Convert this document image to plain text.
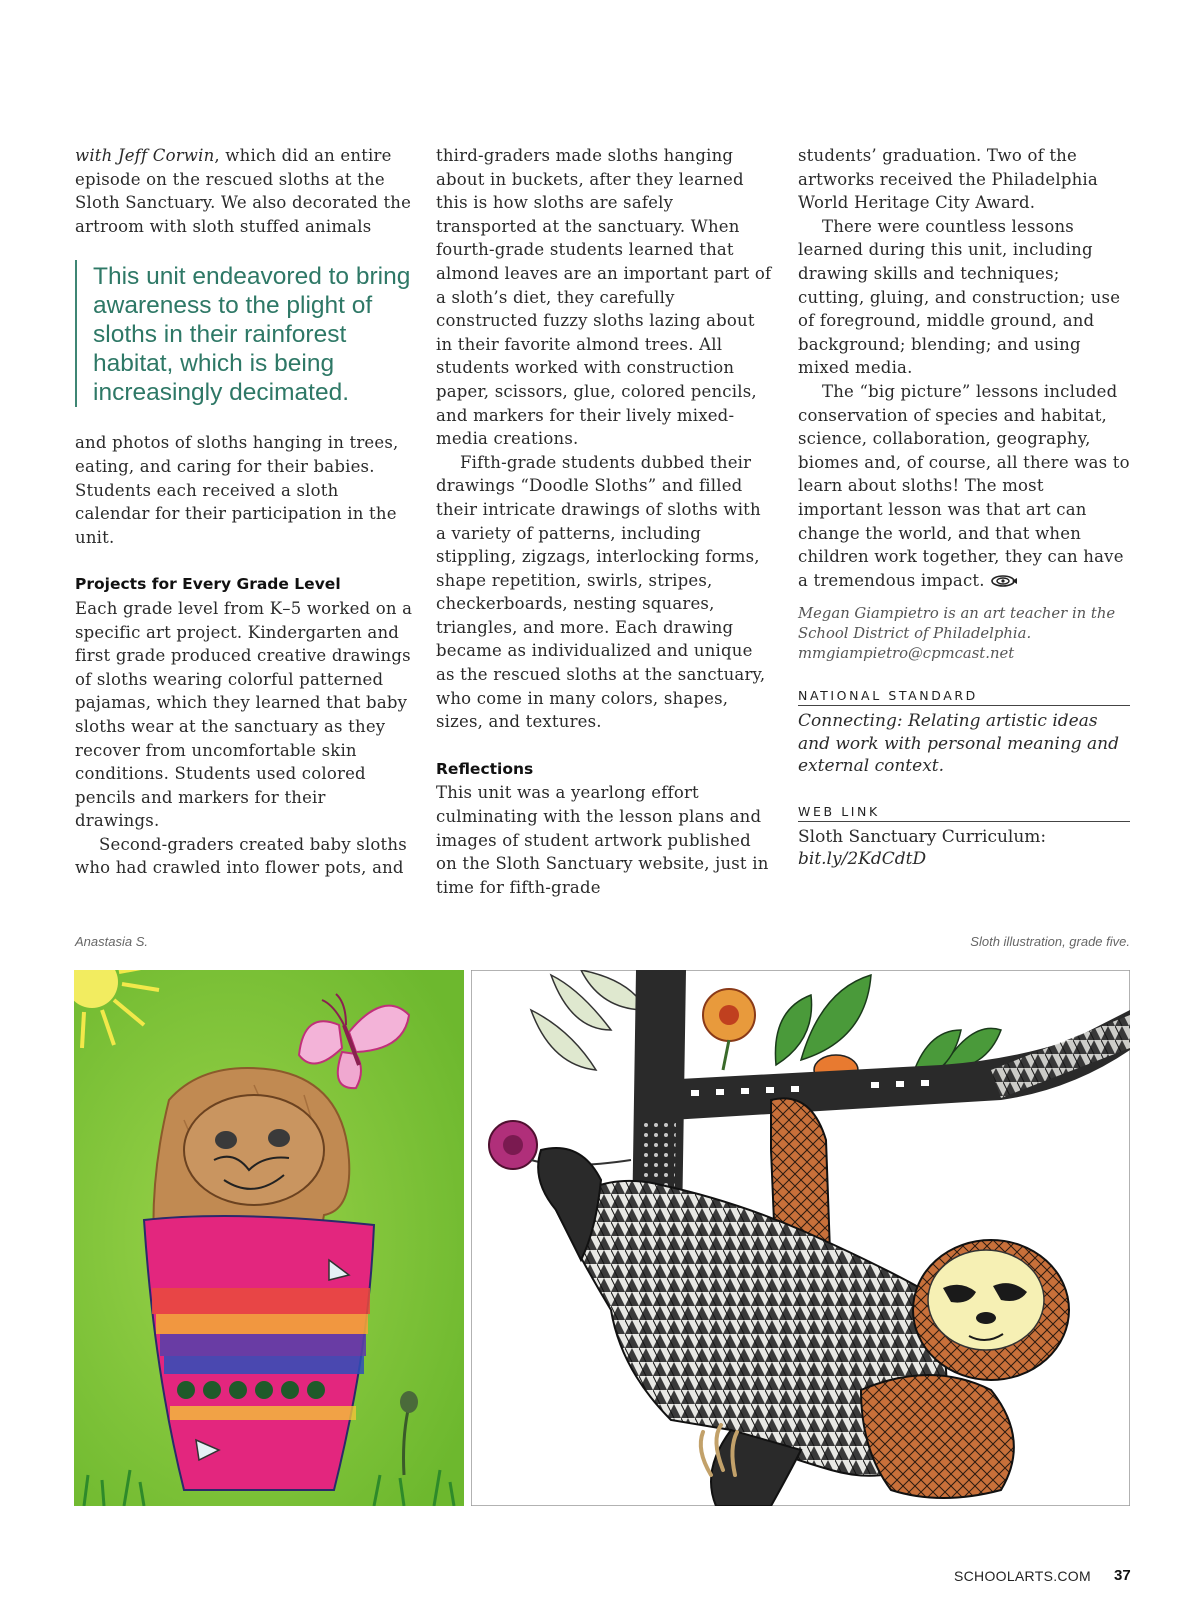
with Jeff Corwin, which did an entire episode on the rescued sloths at the Sloth Sanctuary. We also decorated the artroom with sloth stuffed animals

This unit endeavored to bring awareness to the plight of sloths in their rainforest habitat, which is being increasingly decimated.

and photos of sloths hanging in trees, eating, and caring for their babies. Students each received a sloth calendar for their participation in the unit.

Projects for Every Grade Level

Each grade level from K–5 worked on a specific art project. Kindergarten and first grade produced creative drawings of sloths wearing colorful patterned pajamas, which they learned that baby sloths wear at the sanctuary as they recover from uncomfortable skin conditions. Students used colored pencils and markers for their drawings.

Second-graders created baby sloths who had crawled into flower pots, and

third-graders made sloths hanging about in buckets, after they learned this is how sloths are safely transported at the sanctuary. When fourth-grade students learned that almond leaves are an important part of a sloth’s diet, they carefully constructed fuzzy sloths lazing about in their favorite almond trees. All students worked with construction paper, scissors, glue, colored pencils, and markers for their lively mixed-media creations.

Fifth-grade students dubbed their drawings “Doodle Sloths” and filled their intricate drawings of sloths with a variety of patterns, including stippling, zigzags, interlocking forms, shape repetition, swirls, stripes, checkerboards, nesting squares, triangles, and more. Each drawing became as individualized and unique as the rescued sloths at the sanctuary, who come in many colors, shapes, sizes, and textures.

Reflections

This unit was a yearlong effort culminating with the lesson plans and images of student artwork published on the Sloth Sanctuary website, just in time for fifth-grade

students’ graduation. Two of the artworks received the Philadelphia World Heritage City Award.

There were countless lessons learned during this unit, including drawing skills and techniques; cutting, gluing, and construction; use of foreground, middle ground, and background; blending; and using mixed media.

The “big picture” lessons included conservation of species and habitat, science, collaboration, geography, biomes and, of course, all there was to learn about sloths! The most important lesson was that art can change the world, and that when children work together, they can have a tremendous impact.

Megan Giampietro is an art teacher in the School District of Philadelphia. mmgiampietro@cpmcast.net
NATIONAL STANDARD
Connecting: Relating artistic ideas and work with personal meaning and external context.
WEB LINK
Sloth Sanctuary Curriculum:
bit.ly/2KdCdtD
Anastasia S.	Sloth illustration, grade five.
SCHOOLARTS.COM 37
